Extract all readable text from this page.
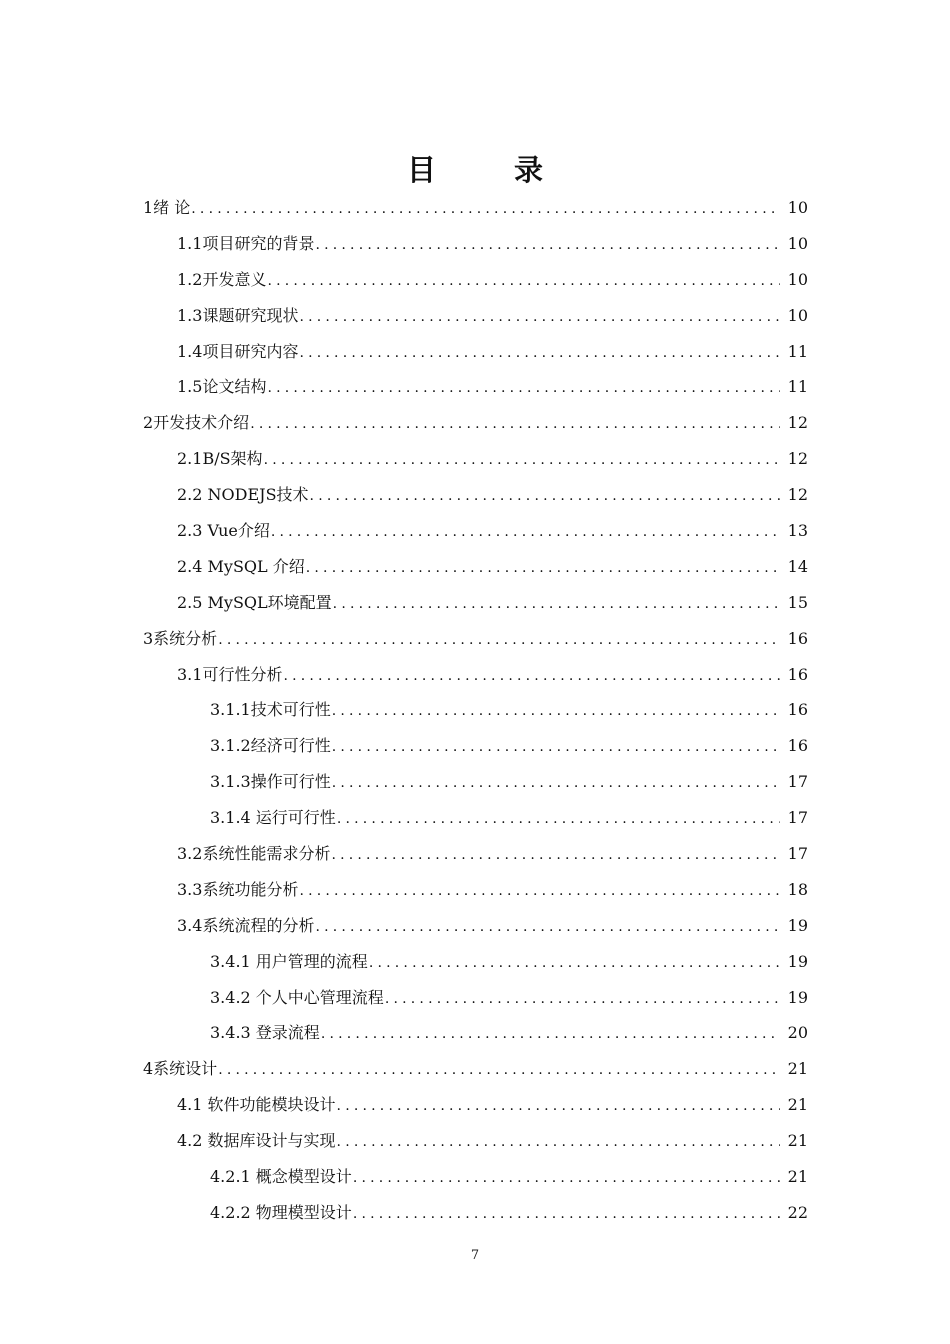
目 录
1绪 论 .....	10
1.1项目研究的背景 .....	10
1.2开发意义 .....	10
1.3课题研究现状 .....	10
1.4项目研究内容 .....	11
1.5论文结构 .....	11
2开发技术介绍 .....	12
2.1B/S架构 .....	12
2.2 NODEJS技术 .....	12
2.3 Vue介绍 .....	13
2.4 MySQL 介绍 .....	14
2.5 MySQL环境配置 .....	15
3系统分析 .....	16
3.1可行性分析 .....	16
3.1.1技术可行性 .....	16
3.1.2经济可行性 .....	16
3.1.3操作可行性 .....	17
3.1.4 运行可行性 .....	17
3.2系统性能需求分析 .....	17
3.3系统功能分析 .....	18
3.4系统流程的分析 .....	19
3.4.1 用户管理的流程 .....	19
3.4.2 个人中心管理流程 .....	19
3.4.3 登录流程 .....	20
4系统设计 .....	21
4.1 软件功能模块设计 .....	21
4.2 数据库设计与实现 .....	21
4.2.1 概念模型设计 .....	21
4.2.2 物理模型设计 .....	22
7
